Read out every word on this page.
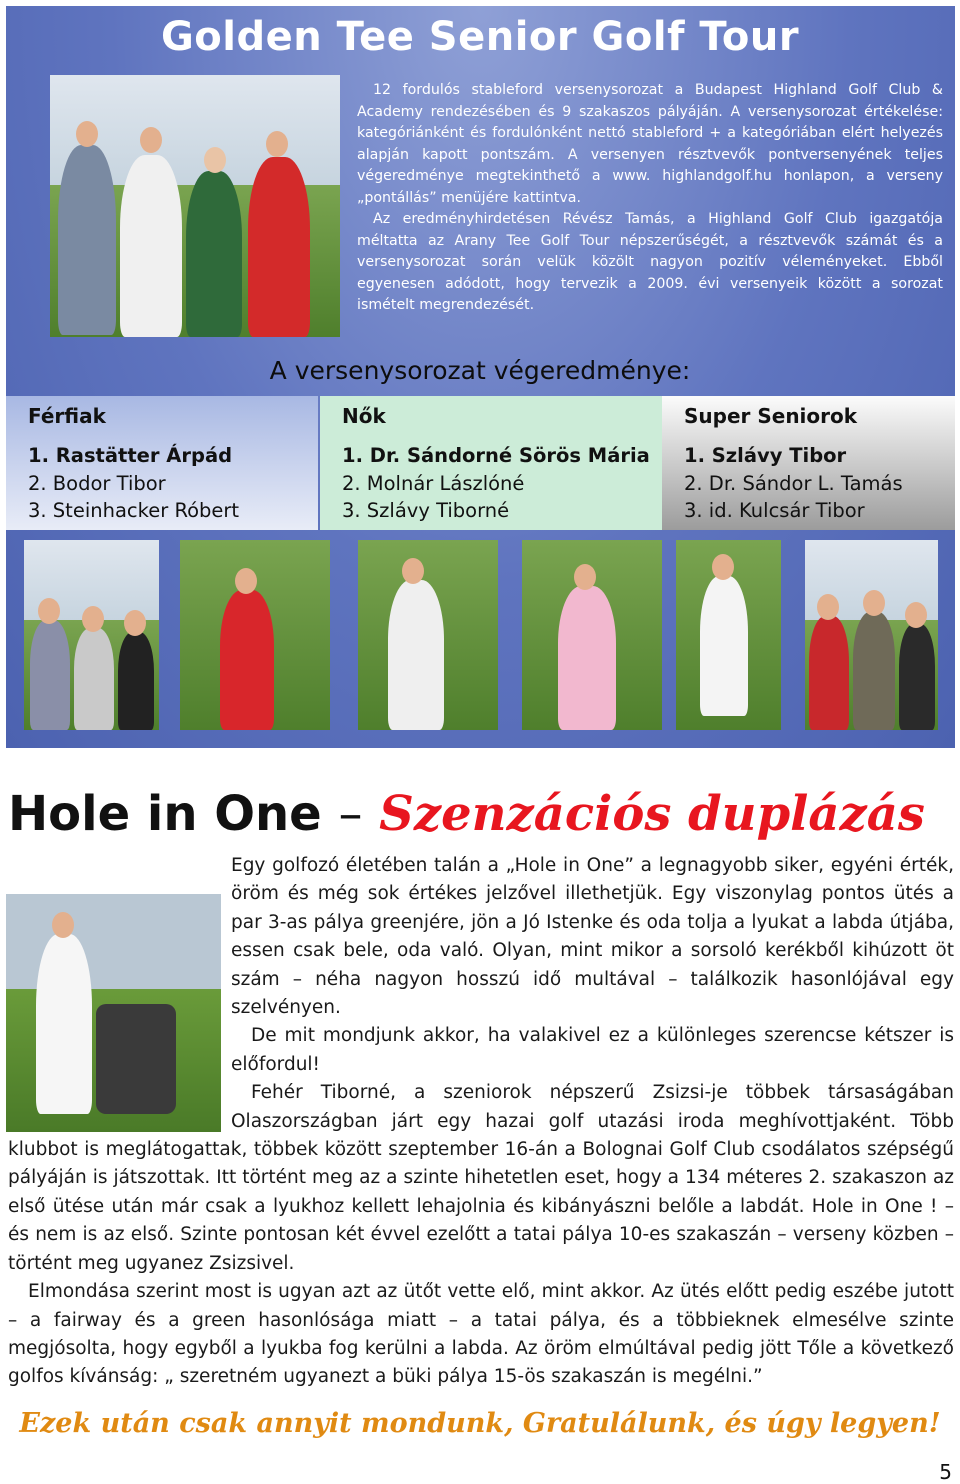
Golden Tee Senior Golf Tour

12 fordulós stableford versenysorozat a Budapest Highland Golf Club & Academy rendezésében és 9 szakaszos pályáján. A versenysorozat értékelése: kategóriánként és fordulónként nettó stableford + a kategóriában elért helyezés alapján kapott pontszám. A versenyen résztvevők pontversenyének teljes végeredménye megtekinthető a www. highlandgolf.hu honlapon, a verseny „pontállás” menüjére kattintva.

Az eredményhirdetésen Révész Tamás, a Highland Golf Club igazgatója méltatta az Arany Tee Golf Tour népszerűségét, a résztvevők számát és a versenysorozat során velük közölt nagyon pozitív véleményeket. Ebből egyenesen adódott, hogy tervezik a 2009. évi versenyeik között a sorozat ismételt megrendezését.

A versenysorozat végeredménye:
Férfiak
1. Rastätter Árpád
2. Bodor Tibor
3. Steinhacker Róbert
Nők
1. Dr. Sándorné Sörös Mária
2. Molnár Lászlóné
3. Szlávy Tiborné
Super Seniorok
1. Szlávy Tibor
2. Dr. Sándor L. Tamás
3. id. Kulcsár Tibor
Hole in One – Szenzációs duplázás

Egy golfozó életében talán a „Hole in One” a legnagyobb siker, egyéni érték, öröm és még sok értékes jelzővel illethetjük. Egy viszonylag pontos ütés a par 3-as pálya greenjére, jön a Jó Istenke és oda tolja a lyukat a labda útjába, essen csak bele, oda való. Olyan, mint mikor a sorsoló kerékből kihúzott öt szám – néha nagyon hosszú idő multával – találkozik hasonlójával egy szelvényen.

De mit mondjunk akkor, ha valakivel ez a különleges szerencse kétszer is előfordul!

Fehér Tiborné, a szeniorok népszerű Zsizsi-je többek társaságában Olaszországban járt egy hazai golf utazási iroda meghívottjaként. Több klubbot is meglátogattak, többek között szeptember 16-án a Bolognai Golf Club csodálatos szépségű pályáján is játszottak. Itt történt meg az a szinte hihetetlen eset, hogy a 134 méteres 2. szakaszon az első ütése után már csak a lyukhoz kellett lehajolnia és kibányászni belőle a labdát. Hole in One ! – és nem is az első. Szinte pontosan két évvel ezelőtt a tatai pálya 10-es szakaszán – verseny közben – történt meg ugyanez Zsizsivel.

Elmondása szerint most is ugyan azt az ütőt vette elő, mint akkor. Az ütés előtt pedig eszébe jutott – a fairway és a green hasonlósága miatt – a tatai pálya, és a többieknek elmesélve szinte megjósolta, hogy egyből a lyukba fog kerülni a labda. Az öröm elmúltával pedig jött Tőle a következő golfos kívánság: „ szeretném ugyanezt a büki pálya 15-ös szakaszán is megélni.”

Ezek után csak annyit mondunk, Gratulálunk, és úgy legyen!
5
